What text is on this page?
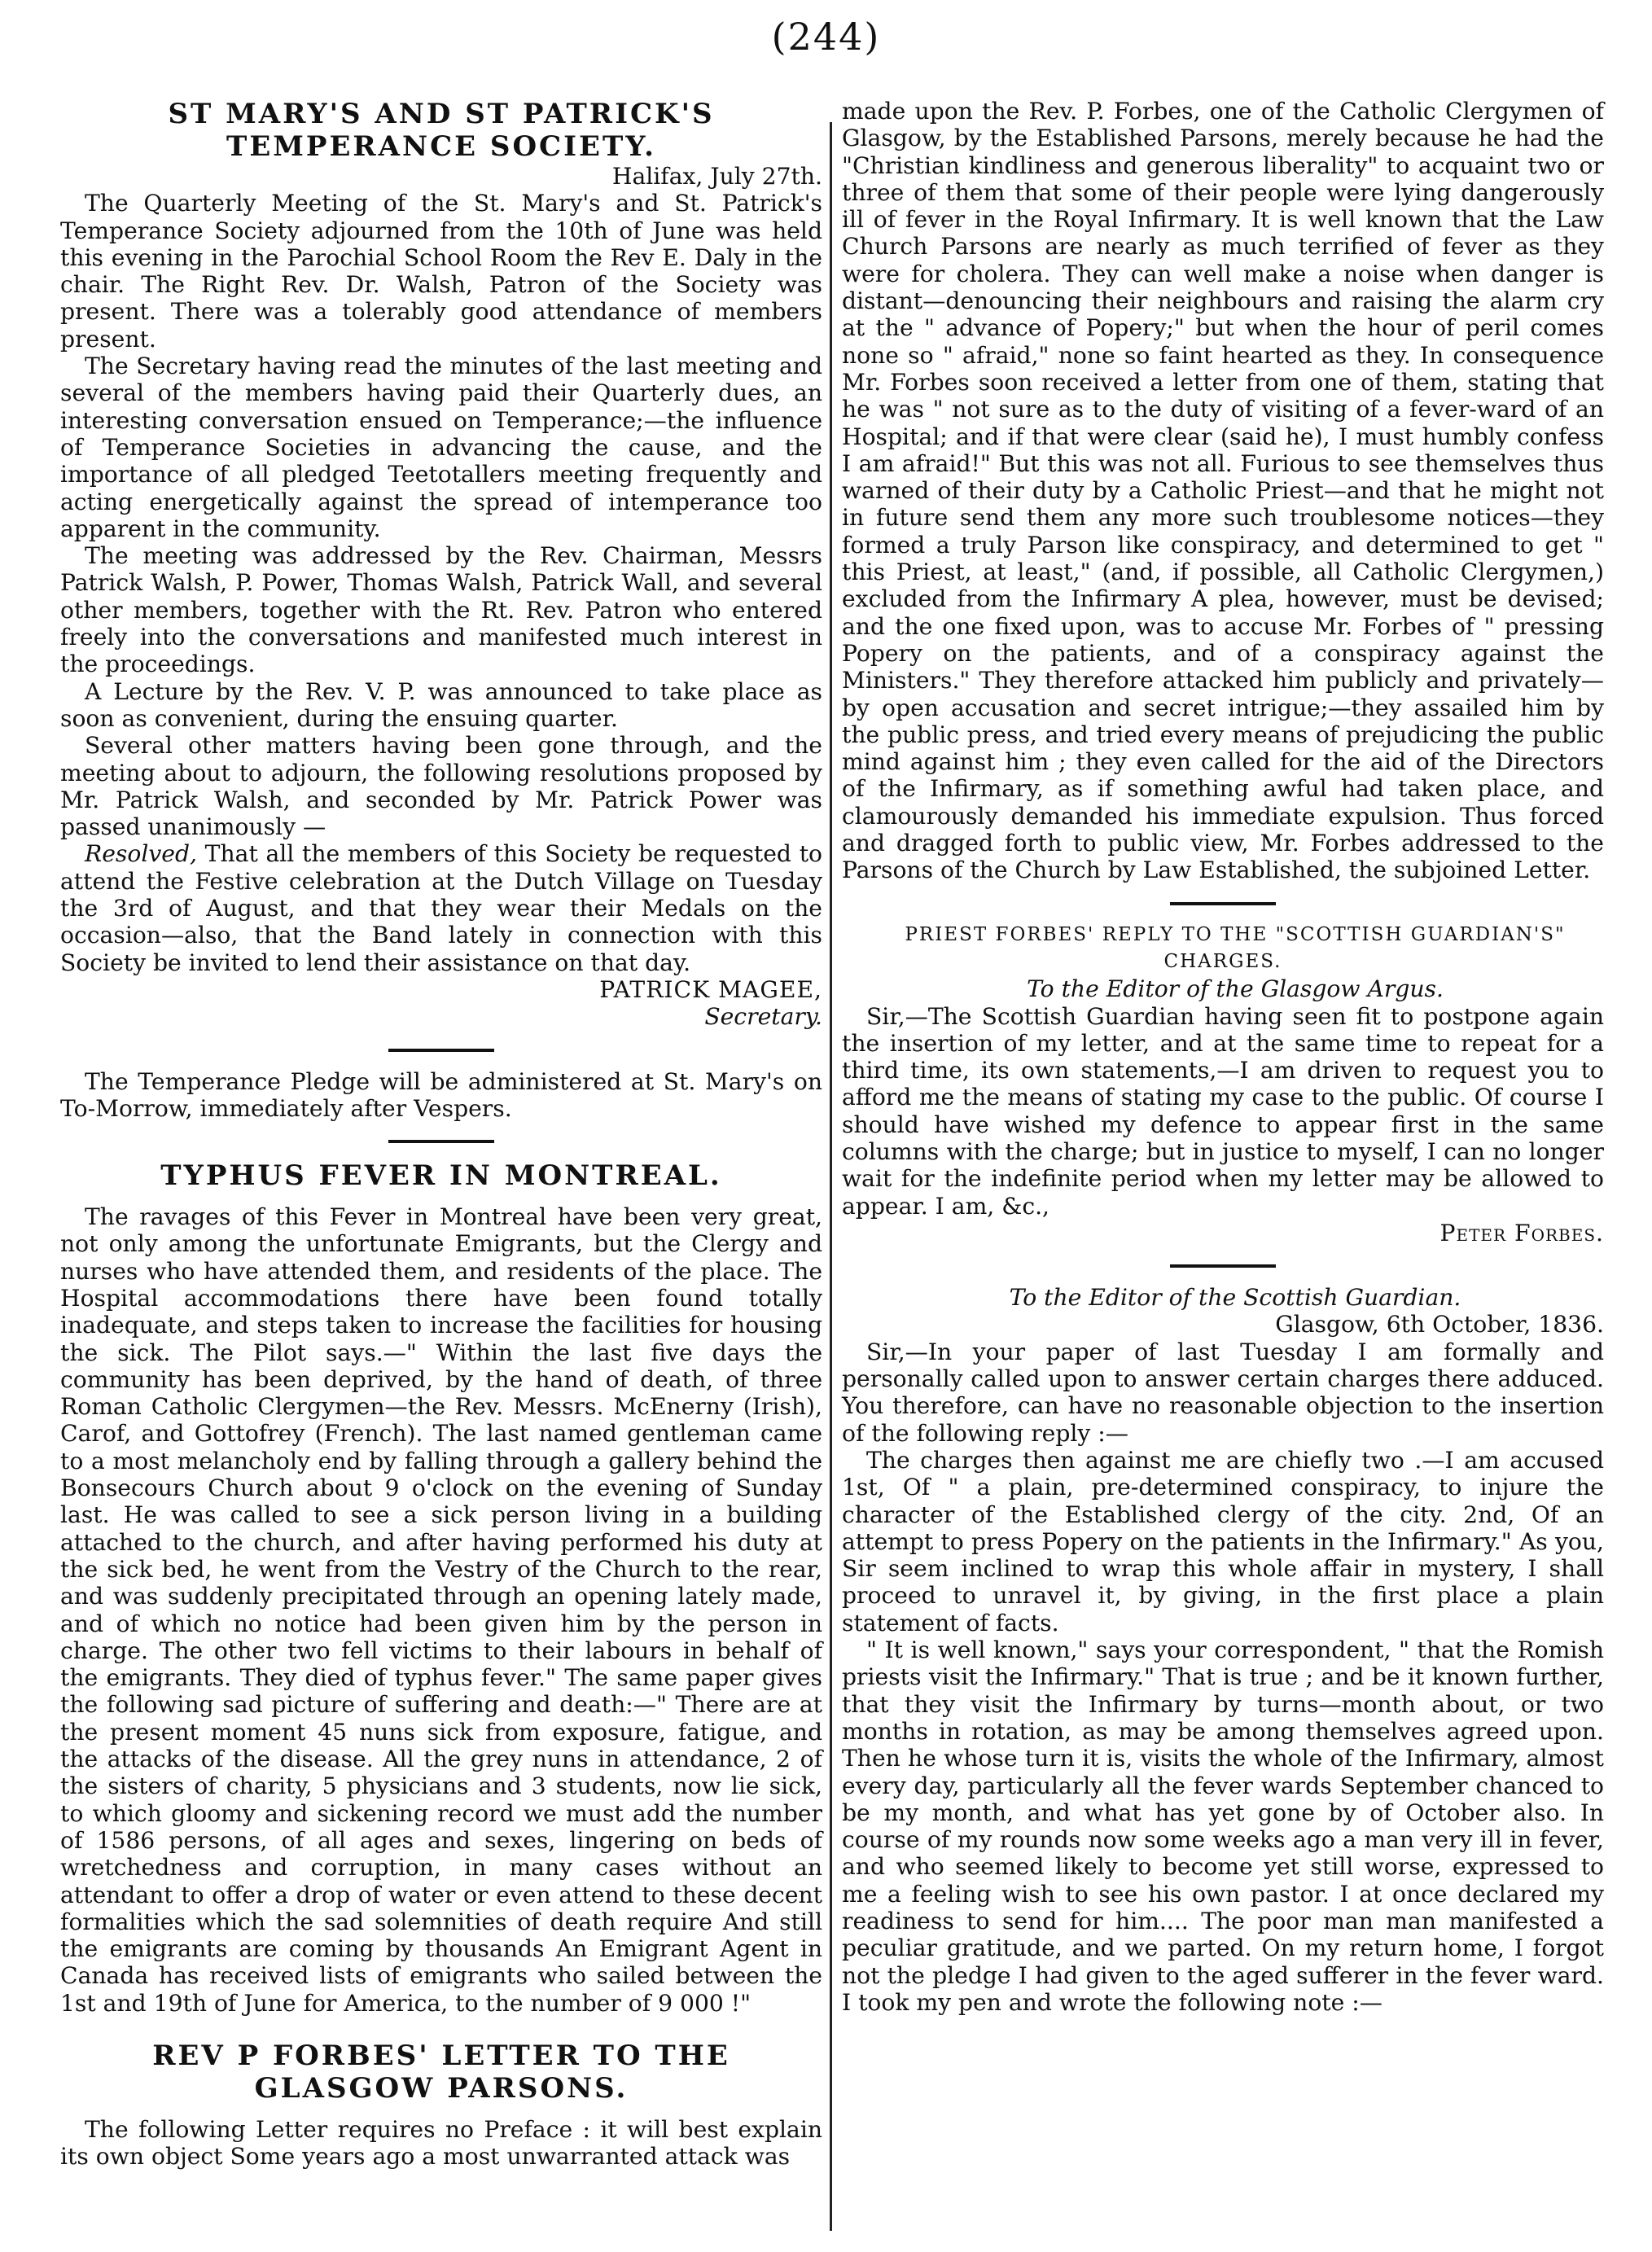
(244)
ST MARY'S AND ST PATRICK'S TEMPERANCE SOCIETY.

Halifax, July 27th.

The Quarterly Meeting of the St. Mary's and St. Patrick's Temperance Society adjourned from the 10th of June was held this evening in the Parochial School Room the Rev E. Daly in the chair. The Right Rev. Dr. Walsh, Patron of the Society was present. There was a tolerably good attendance of members present.

The Secretary having read the minutes of the last meeting and several of the members having paid their Quarterly dues, an interesting conversation ensued on Temperance;—the influence of Temperance Societies in advancing the cause, and the importance of all pledged Teetotallers meeting frequently and acting energetically against the spread of intemperance too apparent in the community.

The meeting was addressed by the Rev. Chairman, Messrs Patrick Walsh, P. Power, Thomas Walsh, Patrick Wall, and several other members, together with the Rt. Rev. Patron who entered freely into the conversations and manifested much interest in the proceedings.

A Lecture by the Rev. V. P. was announced to take place as soon as convenient, during the ensuing quarter.

Several other matters having been gone through, and the meeting about to adjourn, the following resolutions proposed by Mr. Patrick Walsh, and seconded by Mr. Patrick Power was passed unanimously —

Resolved, That all the members of this Society be requested to attend the Festive celebration at the Dutch Village on Tuesday the 3rd of August, and that they wear their Medals on the occasion—also, that the Band lately in connection with this Society be invited to lend their assistance on that day.

PATRICK MAGEE,

Secretary.

The Temperance Pledge will be administered at St. Mary's on To-Morrow, immediately after Vespers.

TYPHUS FEVER IN MONTREAL.

The ravages of this Fever in Montreal have been very great, not only among the unfortunate Emigrants, but the Clergy and nurses who have attended them, and residents of the place. The Hospital accommodations there have been found totally inadequate, and steps taken to increase the facilities for housing the sick. The Pilot says.—" Within the last five days the community has been deprived, by the hand of death, of three Roman Catholic Clergymen—the Rev. Messrs. McEnerny (Irish), Carof, and Gottofrey (French). The last named gentleman came to a most melancholy end by falling through a gallery behind the Bonsecours Church about 9 o'clock on the evening of Sunday last. He was called to see a sick person living in a building attached to the church, and after having performed his duty at the sick bed, he went from the Vestry of the Church to the rear, and was suddenly precipitated through an opening lately made, and of which no notice had been given him by the person in charge. The other two fell victims to their labours in behalf of the emigrants. They died of typhus fever." The same paper gives the following sad picture of suffering and death:—" There are at the present moment 45 nuns sick from exposure, fatigue, and the attacks of the disease. All the grey nuns in attendance, 2 of the sisters of charity, 5 physicians and 3 students, now lie sick, to which gloomy and sickening record we must add the number of 1586 persons, of all ages and sexes, lingering on beds of wretchedness and corruption, in many cases without an attendant to offer a drop of water or even attend to these decent formalities which the sad solemnities of death require And still the emigrants are coming by thousands An Emigrant Agent in Canada has received lists of emigrants who sailed between the 1st and 19th of June for America, to the number of 9 000 !"

REV P FORBES' LETTER TO THE GLASGOW PARSONS.

The following Letter requires no Preface : it will best explain its own object Some years ago a most unwarranted attack was

made upon the Rev. P. Forbes, one of the Catholic Clergymen of Glasgow, by the Established Parsons, merely because he had the "Christian kindliness and generous liberality" to acquaint two or three of them that some of their people were lying dangerously ill of fever in the Royal Infirmary. It is well known that the Law Church Parsons are nearly as much terrified of fever as they were for cholera. They can well make a noise when danger is distant—denouncing their neighbours and raising the alarm cry at the " advance of Popery;" but when the hour of peril comes none so " afraid," none so faint hearted as they. In consequence Mr. Forbes soon received a letter from one of them, stating that he was " not sure as to the duty of visiting of a fever-ward of an Hospital; and if that were clear (said he), I must humbly confess I am afraid!" But this was not all. Furious to see themselves thus warned of their duty by a Catholic Priest—and that he might not in future send them any more such troublesome notices—they formed a truly Parson like conspiracy, and determined to get " this Priest, at least," (and, if possible, all Catholic Clergymen,) excluded from the Infirmary A plea, however, must be devised; and the one fixed upon, was to accuse Mr. Forbes of " pressing Popery on the patients, and of a conspiracy against the Ministers." They therefore attacked him publicly and privately—by open accusation and secret intrigue;—they assailed him by the public press, and tried every means of prejudicing the public mind against him ; they even called for the aid of the Directors of the Infirmary, as if something awful had taken place, and clamourously demanded his immediate expulsion. Thus forced and dragged forth to public view, Mr. Forbes addressed to the Parsons of the Church by Law Established, the subjoined Letter.

PRIEST FORBES' REPLY TO THE "SCOTTISH GUARDIAN'S" CHARGES.

To the Editor of the Glasgow Argus.

Sir,—The Scottish Guardian having seen fit to postpone again the insertion of my letter, and at the same time to repeat for a third time, its own statements,—I am driven to request you to afford me the means of stating my case to the public. Of course I should have wished my defence to appear first in the same columns with the charge; but in justice to myself, I can no longer wait for the indefinite period when my letter may be allowed to appear. I am, &c.,

Peter Forbes.

To the Editor of the Scottish Guardian.

Glasgow, 6th October, 1836.

Sir,—In your paper of last Tuesday I am formally and personally called upon to answer certain charges there adduced. You therefore, can have no reasonable objection to the insertion of the following reply :—

The charges then against me are chiefly two .—I am accused 1st, Of " a plain, pre-determined conspiracy, to injure the character of the Established clergy of the city. 2nd, Of an attempt to press Popery on the patients in the Infirmary." As you, Sir seem inclined to wrap this whole affair in mystery, I shall proceed to unravel it, by giving, in the first place a plain statement of facts.

" It is well known," says your correspondent, " that the Romish priests visit the Infirmary." That is true ; and be it known further, that they visit the Infirmary by turns—month about, or two months in rotation, as may be among themselves agreed upon. Then he whose turn it is, visits the whole of the Infirmary, almost every day, particularly all the fever wards September chanced to be my month, and what has yet gone by of October also. In course of my rounds now some weeks ago a man very ill in fever, and who seemed likely to become yet still worse, expressed to me a feeling wish to see his own pastor. I at once declared my readiness to send for him.... The poor man man manifested a peculiar gratitude, and we parted. On my return home, I forgot not the pledge I had given to the aged sufferer in the fever ward. I took my pen and wrote the following note :—
